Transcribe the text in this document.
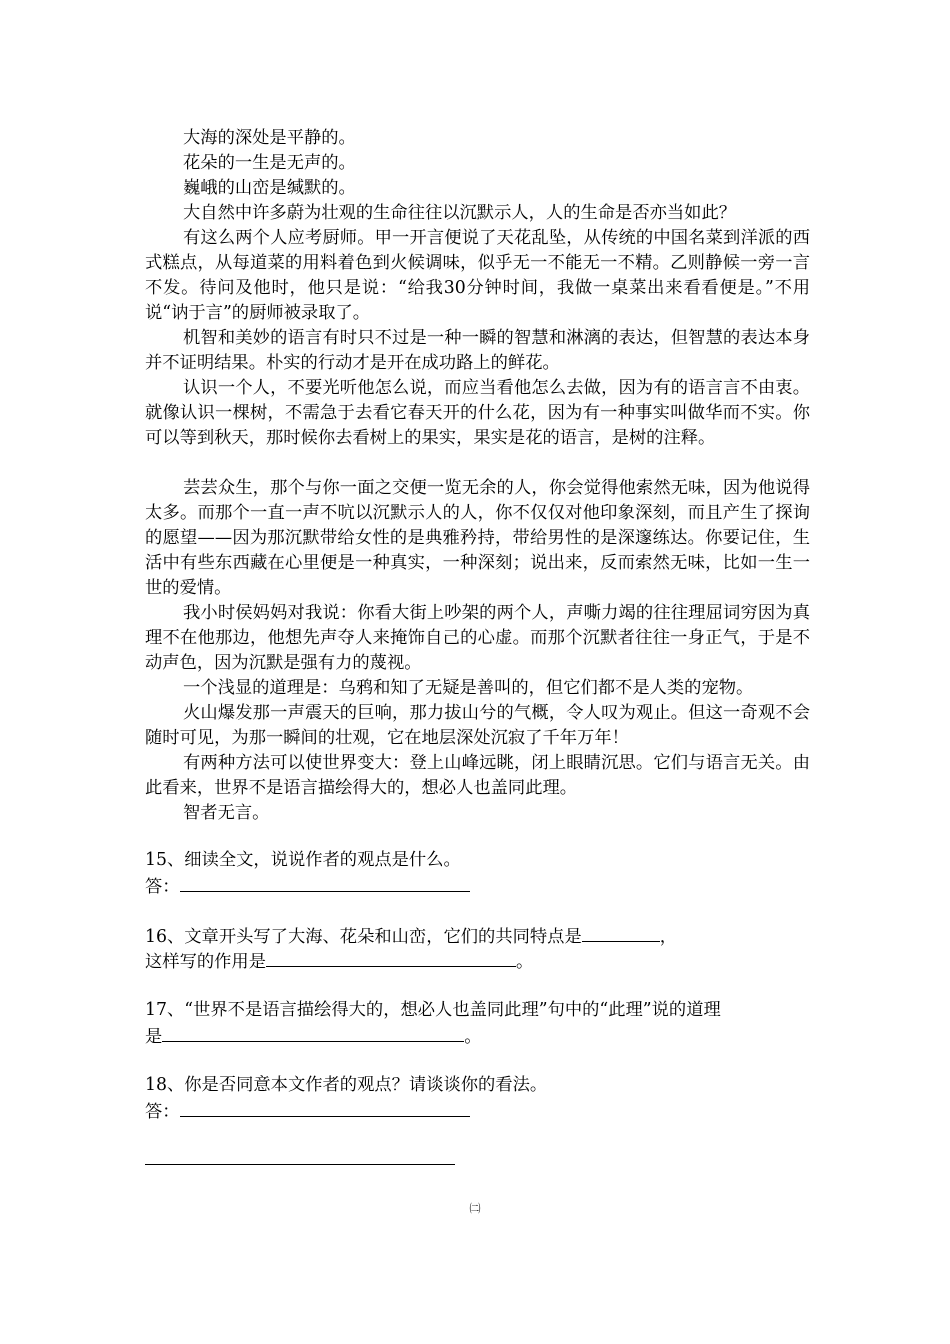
大海的深处是平静的。

花朵的一生是无声的。

巍峨的山峦是缄默的。

大自然中许多蔚为壮观的生命往往以沉默示人，人的生命是否亦当如此？

有这么两个人应考厨师。甲一开言便说了天花乱坠，从传统的中国名菜到洋派的西式糕点，从每道菜的用料着色到火候调味，似乎无一不能无一不精。乙则静候一旁一言不发。待问及他时，他只是说：“给我30分钟时间，我做一桌菜出来看看便是。”不用说“讷于言”的厨师被录取了。

机智和美妙的语言有时只不过是一种一瞬的智慧和淋漓的表达，但智慧的表达本身并不证明结果。朴实的行动才是开在成功路上的鲜花。

认识一个人，不要光听他怎么说，而应当看他怎么去做，因为有的语言言不由衷。就像认识一棵树，不需急于去看它春天开的什么花，因为有一种事实叫做华而不实。你可以等到秋天，那时候你去看树上的果实，果实是花的语言，是树的注释。

芸芸众生，那个与你一面之交便一览无余的人，你会觉得他索然无味，因为他说得太多。而那个一直一声不吭以沉默示人的人，你不仅仅对他印象深刻，而且产生了探询的愿望——因为那沉默带给女性的是典雅矜持，带给男性的是深邃练达。你要记住，生活中有些东西藏在心里便是一种真实，一种深刻；说出来，反而索然无味，比如一生一世的爱情。

我小时侯妈妈对我说：你看大街上吵架的两个人，声嘶力竭的往往理屈词穷因为真理不在他那边，他想先声夺人来掩饰自己的心虚。而那个沉默者往往一身正气，于是不动声色，因为沉默是强有力的蔑视。

一个浅显的道理是：乌鸦和知了无疑是善叫的，但它们都不是人类的宠物。

火山爆发那一声震天的巨响，那力拔山兮的气概，令人叹为观止。但这一奇观不会随时可见，为那一瞬间的壮观，它在地层深处沉寂了千年万年！

有两种方法可以使世界变大：登上山峰远眺，闭上眼睛沉思。它们与语言无关。由此看来，世界不是语言描绘得大的，想必人也盖同此理。

智者无言。

15、细读全文，说说作者的观点是什么。

答：

16、文章开头写了大海、花朵和山峦，它们的共同特点是	，

这样写的作用是	。

17、“世界不是语言描绘得大的，想必人也盖同此理”句中的“此理”说的道理

是	。

18、你是否同意本文作者的观点？请谈谈你的看法。

答：

㈡
